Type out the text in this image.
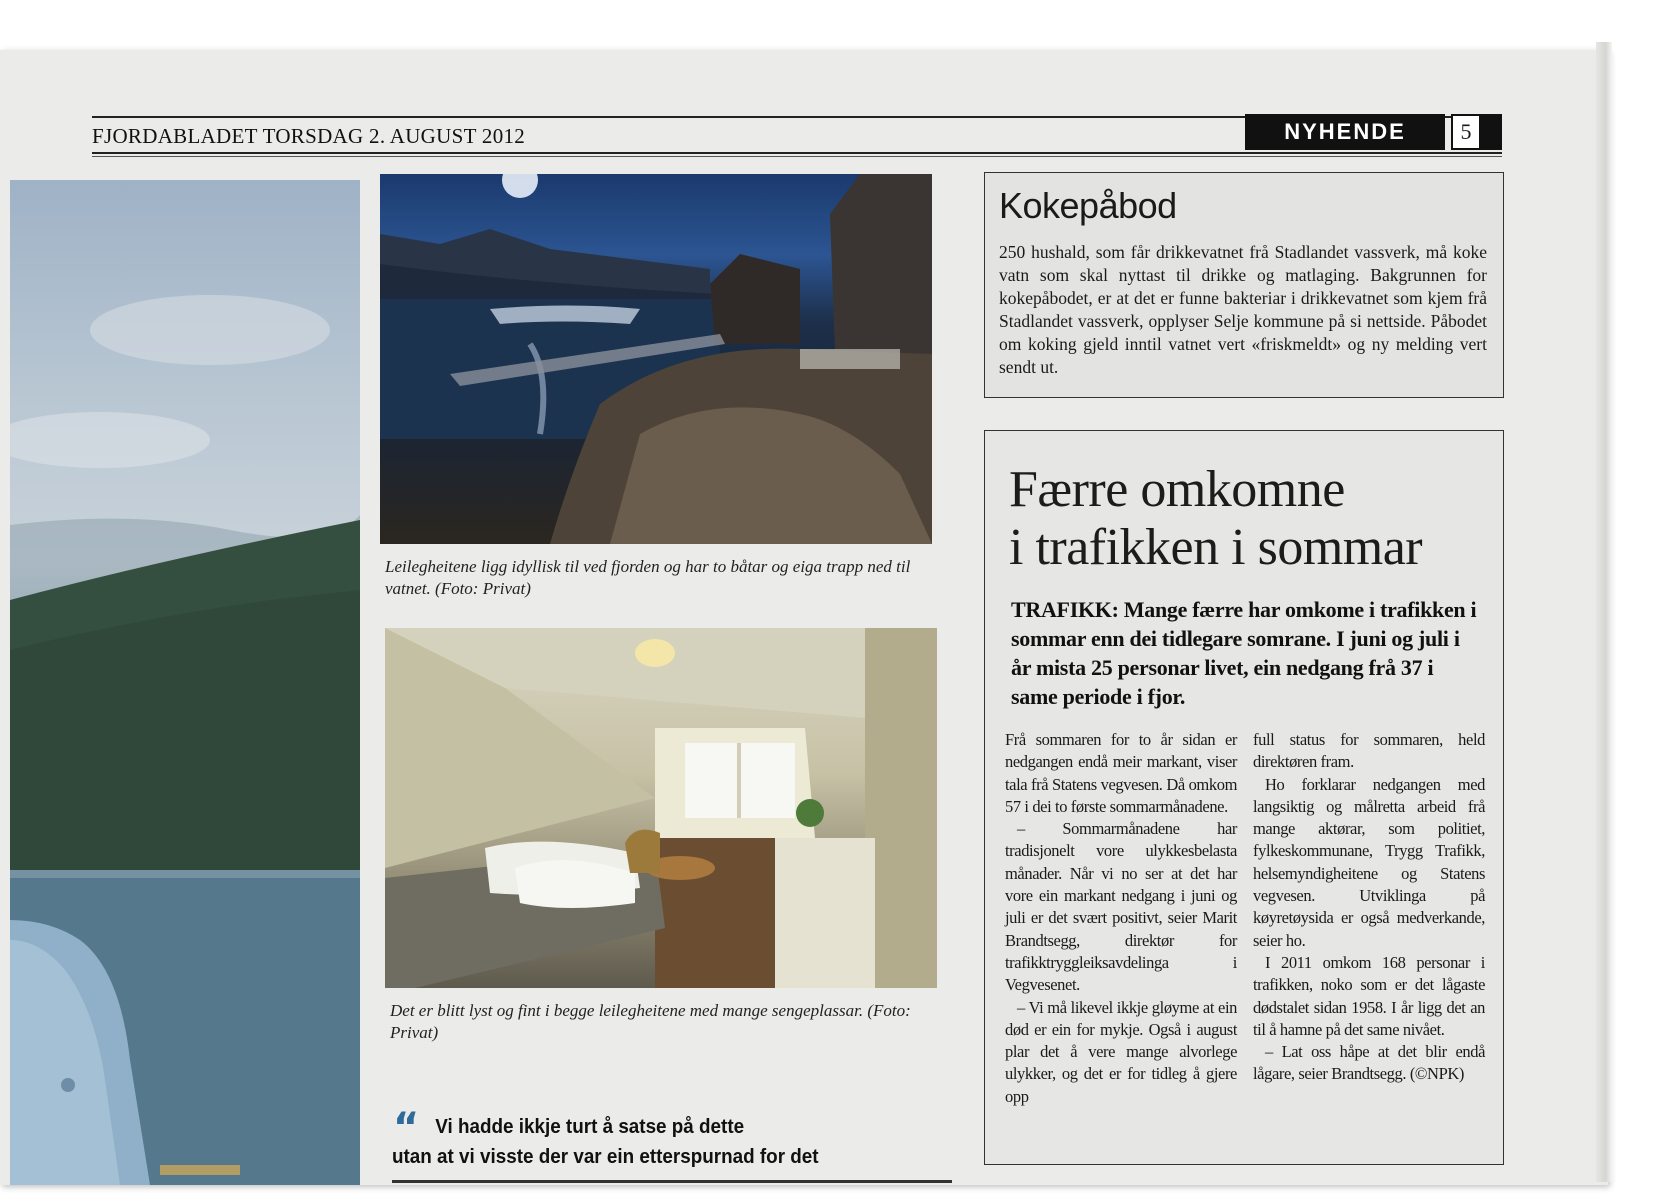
FJORDABLADET TORSDAG 2. AUGUST 2012	NYHENDE	5
Leilegheitene ligg idyllisk til ved fjorden og har to båtar og eiga trapp ned til vatnet. (Foto: Privat)
Det er blitt lyst og fint i begge leilegheitene med mange sengeplassar. (Foto: Privat)
“ Vi hadde ikkje turt å satse på dette
utan at vi visste der var ein etterspurnad for det
Kokepåbod
250 hushald, som får drikkevatnet frå Stadlandet vassverk, må koke vatn som skal nyttast til drikke og matlaging. Bakgrunnen for kokepåbodet, er at det er funne bakteriar i drikkevatnet som kjem frå Stadlandet vassverk, opplyser Selje kommune på si nettside. Påbodet om koking gjeld inntil vatnet vert «friskmeldt» og ny melding vert sendt ut.
Færre omkomne
i trafikken i sommar
TRAFIKK: Mange færre har omkome i trafikken i sommar enn dei tidlegare somrane. I juni og juli i år mista 25 personar livet, ein nedgang frå 37 i same periode i fjor.

Frå sommaren for to år sidan er nedgangen endå meir markant, viser tala frå Statens vegvesen. Då omkom 57 i dei to første sommarmånadene.

– Sommarmånadene har tradisjonelt vore ulykkesbelasta månader. Når vi no ser at det har vore ein markant nedgang i juni og juli er det svært positivt, seier Marit Brandtsegg, direktør for trafikktryggleiksavdelinga i Vegvesenet.

– Vi må likevel ikkje gløyme at ein død er ein for mykje. Også i august plar det å vere mange alvorlege ulykker, og det er for tidleg å gjere opp

full status for sommaren, held direktøren fram.

Ho forklarar nedgangen med langsiktig og målretta arbeid frå mange aktørar, som politiet, fylkeskommunane, Trygg Trafikk, helsemyndigheitene og Statens vegvesen. Utviklinga på køyretøysida er også medverkande, seier ho.

I 2011 omkom 168 personar i trafikken, noko som er det lågaste dødstalet sidan 1958. I år ligg det an til å hamne på det same nivået.

– Lat oss håpe at det blir endå lågare, seier Brandtsegg. (©NPK)
